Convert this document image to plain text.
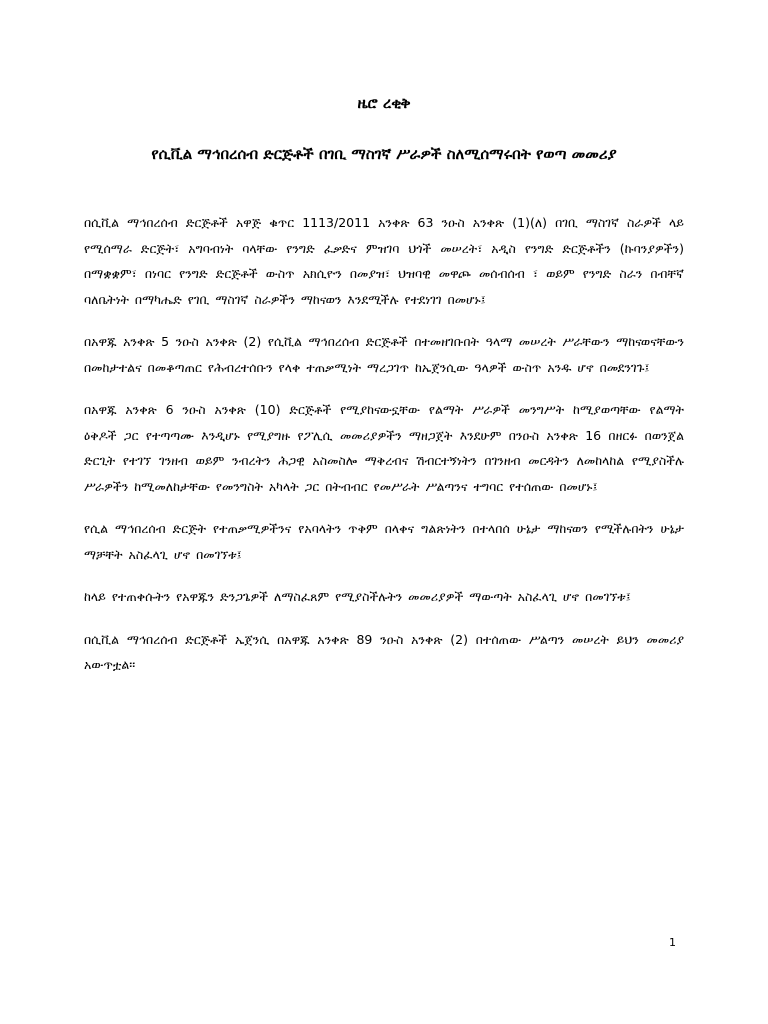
ዜሮ ረቂቅ
የሲቪል ማኅበረሰብ ድርጅቶች በገቢ ማስገኛ ሥራዎች ስለሚሰማሩበት የወጣ መመሪያ

በሲቪል ማኅበረሰብ ድርጅቶች አዋጅ ቁጥር 1113/2011 አንቀጽ 63 ንዑስ አንቀጽ (1)(ለ) በገቢ ማስገኛ ስራዎች ላይ የሚሰማራ ድርጅት፣ አግባብነት ባላቸው የንግድ ፈቃድና ምዝገባ ህጎች መሠረት፣ አዲስ የንግድ ድርጅቶችን (ኩባንያዎችን) በማቋቋም፣ በነባር የንግድ ድርጅቶች ውስጥ አክሲዮን በመያዝ፣ ህዝባዊ መዋጮ መሰብሰብ ፣ ወይም የንግድ ስራን በብቸኛ ባለቤትነት በማካሔድ የገቢ ማስገኛ ስራዎችን ማከናወን እንደሚችሉ የተደነገገ በመሆኑ፤

በአዋጁ አንቀጽ 5 ንዑስ አንቀጽ (2) የሲቪል ማኅበረሰብ ድርጅቶች በተመዘገቡበት ዓላማ መሠረት ሥራቸውን ማከናወናቸውን በመከታተልና በመቆጣጠር የሕብረተሰቡን የላቀ ተጠቃሚነት ማረጋገጥ ከኤጀንሲው ዓላዎች ውስጥ አንዱ ሆኖ በመደንገጉ፤

በአዋጁ አንቀጽ 6 ንዑስ አንቀጽ (10) ድርጅቶች የሚያከናውኗቸው የልማት ሥራዎች መንግሥት ከሚያወጣቸው የልማት ዕቅዶች ጋር የተጣጣሙ እንዲሆኑ የሚያግዙ የፖሊሲ መመሪያዎችን ማዘጋጀት እንደሁም በንዑስ አንቀጽ 16 በዘርፉ በወንጀል ድርጊት የተገኘ ገንዘብ ወይም ንብረትን ሕጋዊ አስመስሎ ማቅረብና ሽብርተኝነትን በገንዘብ መርዳትን ለመከላከል የሚያስችሉ ሥራዎችን ከሚመለከታቸው የመንግስት አካላት ጋር በትብብር የመሥራት ሥልጣንና ተግባር የተሰጠው በመሆኑ፤

የሲል ማኅበረሰብ ድርጅት የተጠቃሚዎችንና የአባላትን ጥቅም በላቀና ግልጽነትን በተላበሰ ሁኔታ ማከናወን የሚችሉበትን ሁኔታ ማቻቸት አስፈላጊ ሆኖ በመገኘቱ፤

ከላይ የተጠቀሱትን የአዋጁን ድንጋጌዎች ለማስፈጸም የሚያስችሉትን መመሪያዎች ማውጣት አስፈላጊ ሆኖ በመገኘቱ፤

በሲቪል ማኅበረሰብ ድርጅቶች ኤጀንሲ በአዋጁ አንቀጽ 89 ንዑስ አንቀጽ (2) በተሰጠው ሥልጣን መሠረት ይህን መመሪያ አውጥቷል፡፡

1
